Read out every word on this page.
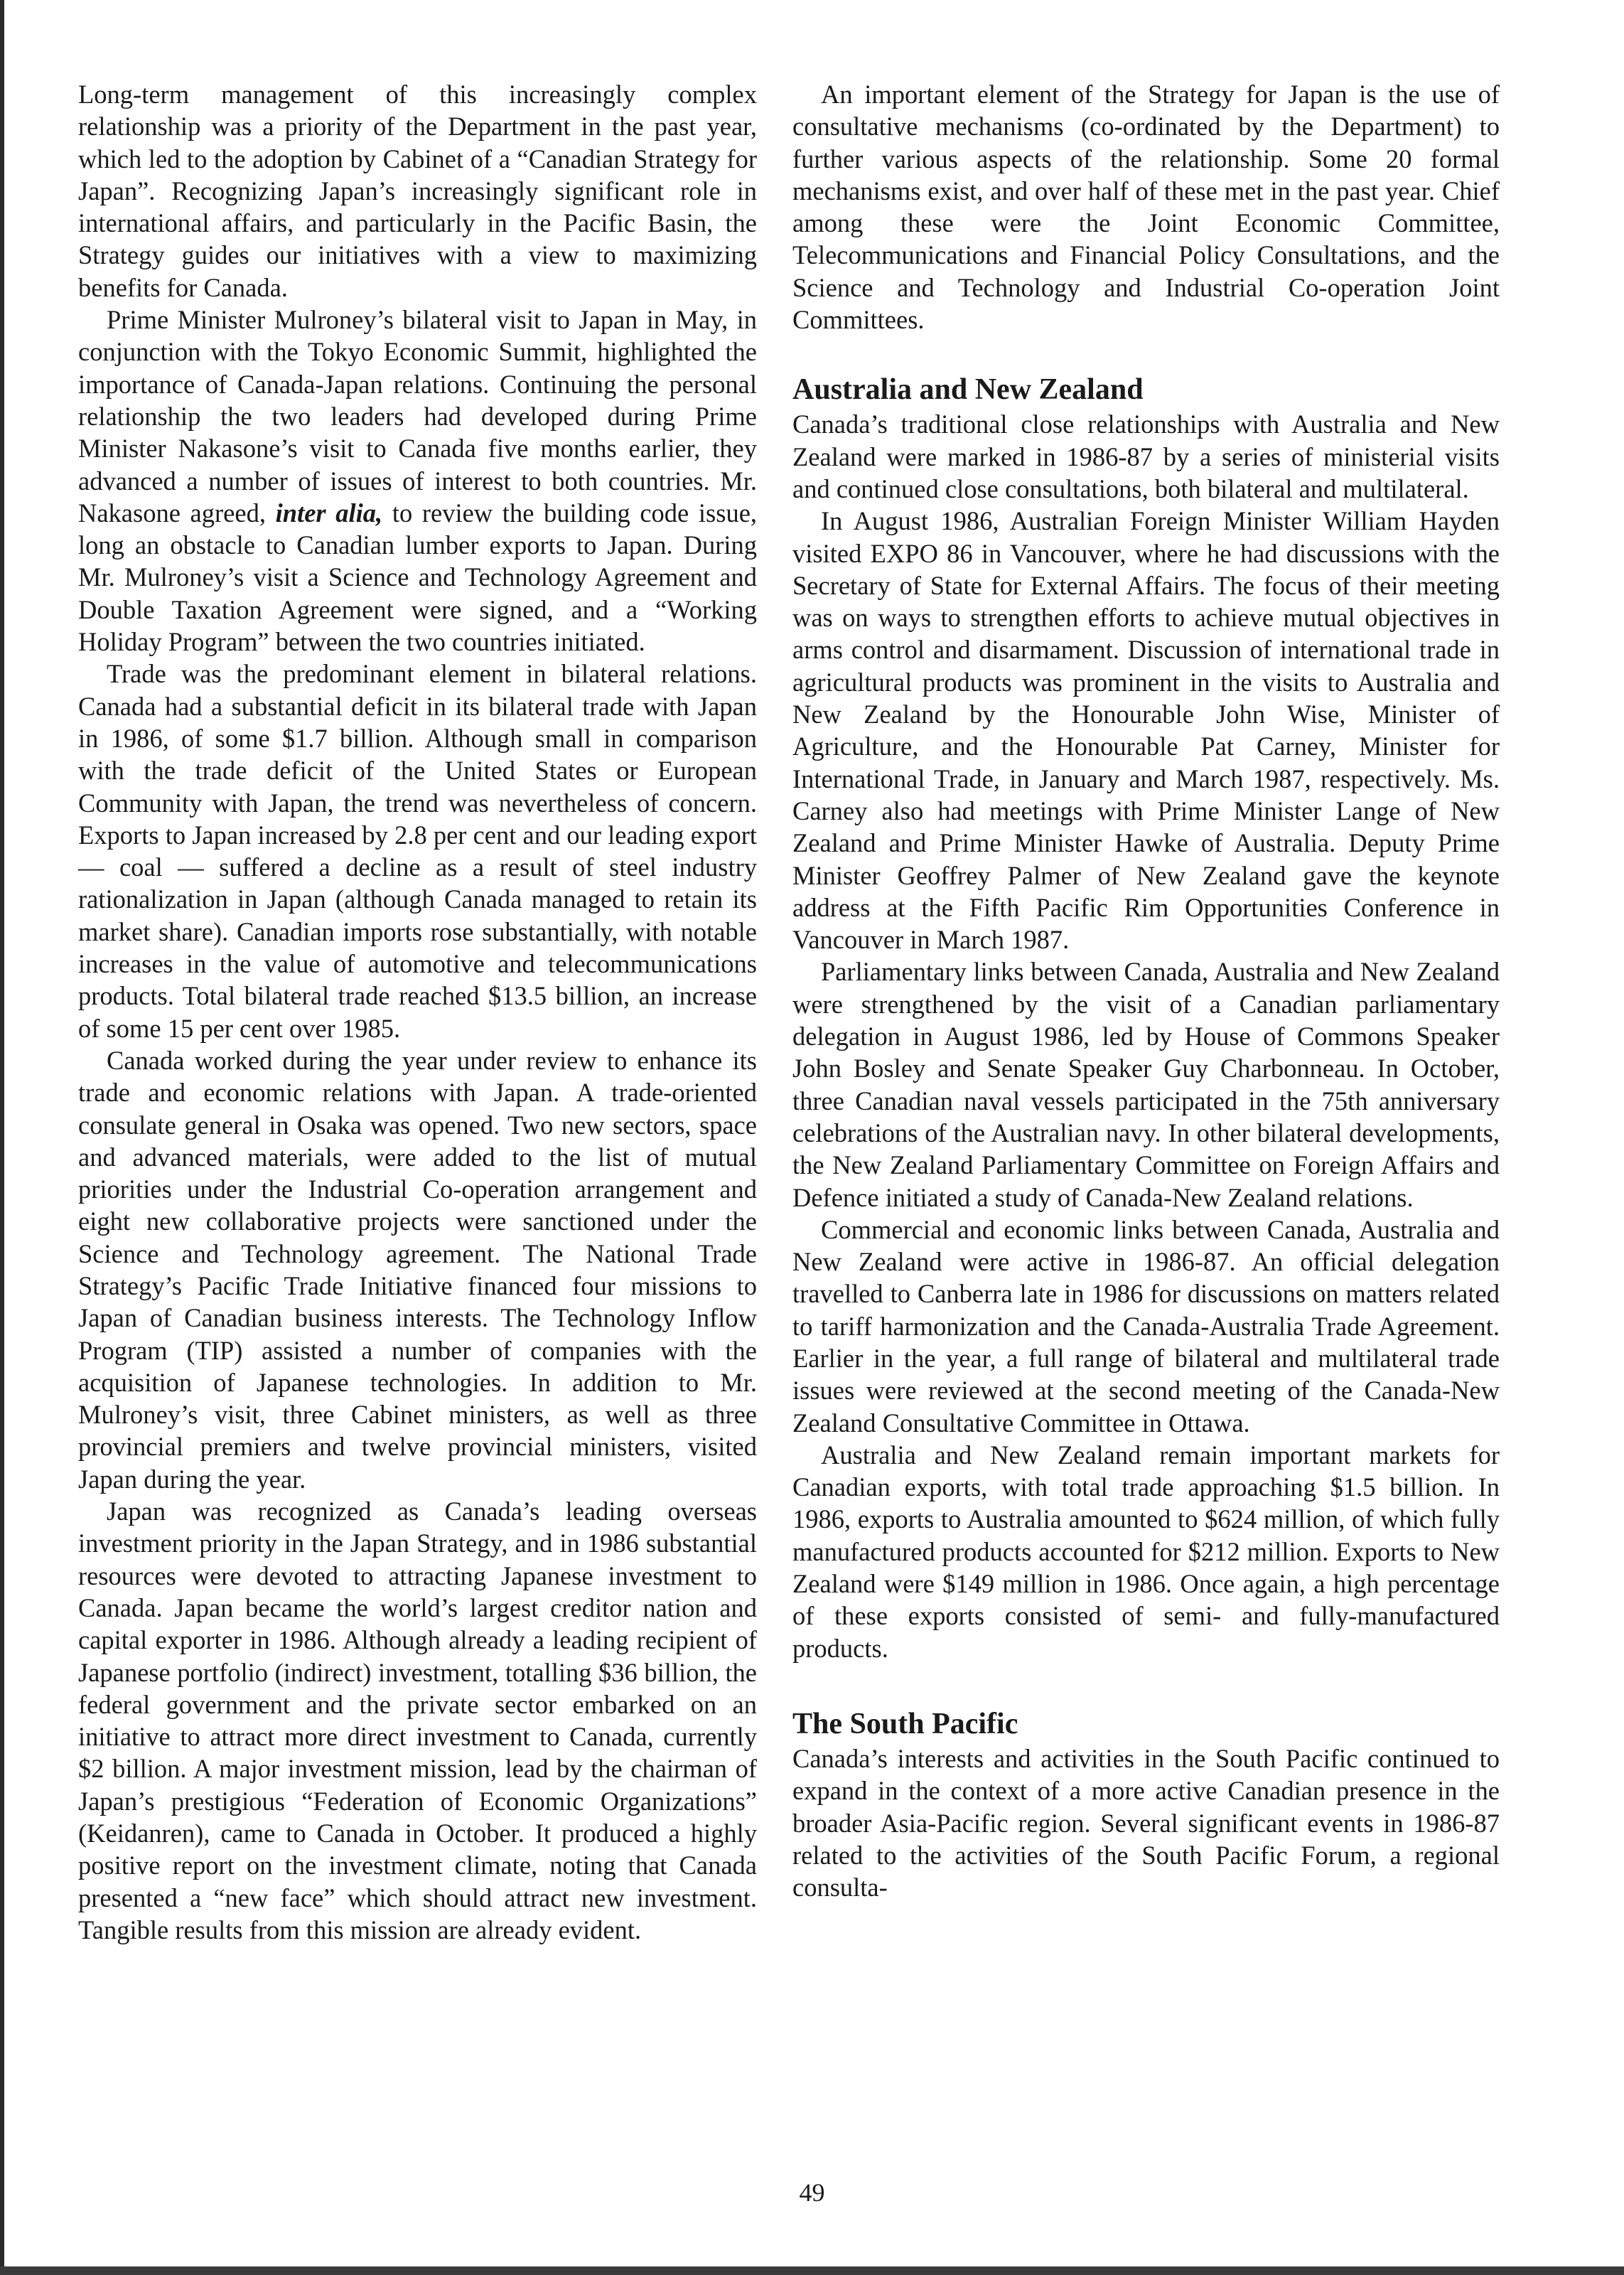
Long-term management of this increasingly complex relationship was a priority of the Department in the past year, which led to the adoption by Cabinet of a “Canadian Strategy for Japan”. Recognizing Japan’s increasingly significant role in international affairs, and particularly in the Pacific Basin, the Strategy guides our initiatives with a view to maximizing benefits for Canada.

Prime Minister Mulroney’s bilateral visit to Japan in May, in conjunction with the Tokyo Economic Summit, highlighted the importance of Canada-Japan relations. Continuing the personal relationship the two leaders had developed during Prime Minister Nakasone’s visit to Canada five months earlier, they advanced a number of issues of interest to both countries. Mr. Nakasone agreed, inter alia, to review the building code issue, long an obstacle to Canadian lumber exports to Japan. During Mr. Mulroney’s visit a Science and Technology Agreement and Double Taxation Agreement were signed, and a “Working Holiday Program” between the two countries initiated.

Trade was the predominant element in bilateral relations. Canada had a substantial deficit in its bilateral trade with Japan in 1986, of some $1.7 billion. Although small in comparison with the trade deficit of the United States or European Community with Japan, the trend was nevertheless of concern. Exports to Japan increased by 2.8 per cent and our leading export — coal — suffered a decline as a result of steel industry rationalization in Japan (although Canada managed to retain its market share). Canadian imports rose substantially, with notable increases in the value of automotive and telecommunications products. Total bilateral trade reached $13.5 billion, an increase of some 15 per cent over 1985.

Canada worked during the year under review to enhance its trade and economic relations with Japan. A trade-oriented consulate general in Osaka was opened. Two new sectors, space and advanced materials, were added to the list of mutual priorities under the Industrial Co-operation arrangement and eight new collaborative projects were sanctioned under the Science and Technology agreement. The National Trade Strategy’s Pacific Trade Initiative financed four missions to Japan of Canadian business interests. The Technology Inflow Program (TIP) assisted a number of companies with the acquisition of Japanese technologies. In addition to Mr. Mulroney’s visit, three Cabinet ministers, as well as three provincial premiers and twelve provincial ministers, visited Japan during the year.

Japan was recognized as Canada’s leading overseas investment priority in the Japan Strategy, and in 1986 substantial resources were devoted to attracting Japanese investment to Canada. Japan became the world’s largest creditor nation and capital exporter in 1986. Although already a leading recipient of Japanese portfolio (indirect) investment, totalling $36 billion, the federal government and the private sector embarked on an initiative to attract more direct investment to Canada, currently $2 billion. A major investment mission, lead by the chairman of Japan’s prestigious “Federation of Economic Organizations” (Keidanren), came to Canada in October. It produced a highly positive report on the investment climate, noting that Canada presented a “new face” which should attract new investment. Tangible results from this mission are already evident.

An important element of the Strategy for Japan is the use of consultative mechanisms (co-ordinated by the Department) to further various aspects of the relationship. Some 20 formal mechanisms exist, and over half of these met in the past year. Chief among these were the Joint Economic Committee, Telecommunications and Financial Policy Consultations, and the Science and Technology and Industrial Co-operation Joint Committees.

Australia and New Zealand

Canada’s traditional close relationships with Australia and New Zealand were marked in 1986-87 by a series of ministerial visits and continued close consultations, both bilateral and multilateral.

In August 1986, Australian Foreign Minister William Hayden visited EXPO 86 in Vancouver, where he had discussions with the Secretary of State for External Affairs. The focus of their meeting was on ways to strengthen efforts to achieve mutual objectives in arms control and disarmament. Discussion of international trade in agricultural products was prominent in the visits to Australia and New Zealand by the Honourable John Wise, Minister of Agriculture, and the Honourable Pat Carney, Minister for International Trade, in January and March 1987, respectively. Ms. Carney also had meetings with Prime Minister Lange of New Zealand and Prime Minister Hawke of Australia. Deputy Prime Minister Geoffrey Palmer of New Zealand gave the keynote address at the Fifth Pacific Rim Opportunities Conference in Vancouver in March 1987.

Parliamentary links between Canada, Australia and New Zealand were strengthened by the visit of a Canadian parliamentary delegation in August 1986, led by House of Commons Speaker John Bosley and Senate Speaker Guy Charbonneau. In October, three Canadian naval vessels participated in the 75th anniversary celebrations of the Australian navy. In other bilateral developments, the New Zealand Parliamentary Committee on Foreign Affairs and Defence initiated a study of Canada-New Zealand relations.

Commercial and economic links between Canada, Australia and New Zealand were active in 1986-87. An official delegation travelled to Canberra late in 1986 for discussions on matters related to tariff harmonization and the Canada-Australia Trade Agreement. Earlier in the year, a full range of bilateral and multilateral trade issues were reviewed at the second meeting of the Canada-New Zealand Consultative Committee in Ottawa.

Australia and New Zealand remain important markets for Canadian exports, with total trade approaching $1.5 billion. In 1986, exports to Australia amounted to $624 million, of which fully manufactured products accounted for $212 million. Exports to New Zealand were $149 million in 1986. Once again, a high percentage of these exports consisted of semi- and fully-manufactured products.

The South Pacific

Canada’s interests and activities in the South Pacific continued to expand in the context of a more active Canadian presence in the broader Asia-Pacific region. Several significant events in 1986-87 related to the activities of the South Pacific Forum, a regional consulta-

49
